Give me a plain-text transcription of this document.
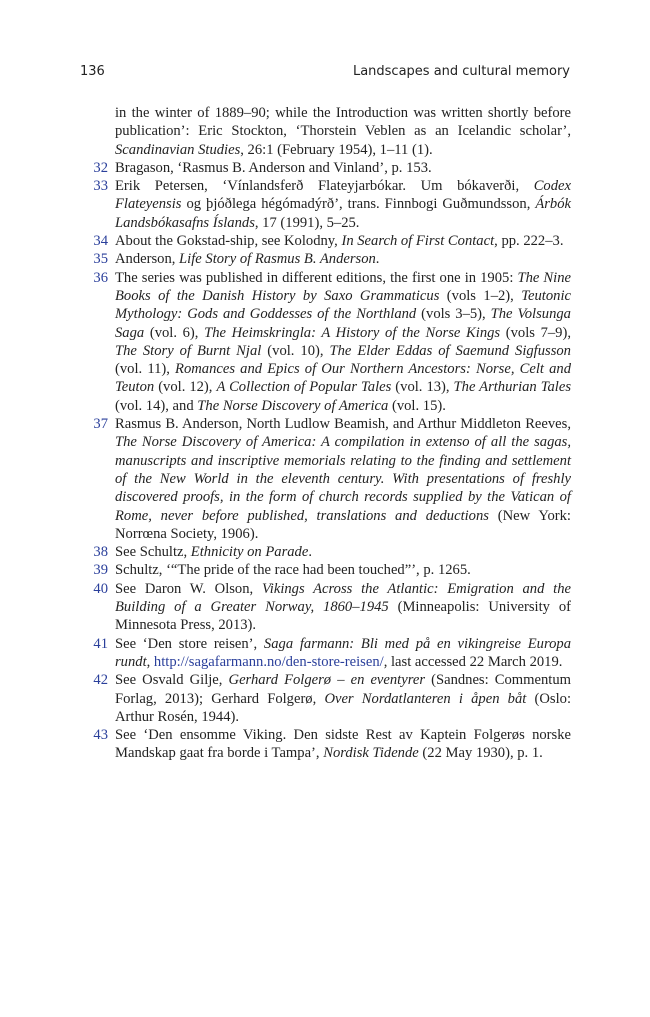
136	Landscapes and cultural memory
in the winter of 1889–90; while the Introduction was written shortly before publication’: Eric Stockton, ‘Thorstein Veblen as an Icelandic scholar’, Scandinavian Studies, 26:1 (February 1954), 1–11 (1).
32 Bragason, ‘Rasmus B. Anderson and Vinland’, p. 153.
33 Erik Petersen, ‘Vínlandsferð Flateyjarbókar. Um bókaverði, Codex Flateyensis og þjóðlega hégómadýrð’, trans. Finnbogi Guðmundsson, Árbók Landsbókasafns Íslands, 17 (1991), 5–25.
34 About the Gokstad-ship, see Kolodny, In Search of First Contact, pp. 222–3.
35 Anderson, Life Story of Rasmus B. Anderson.
36 The series was published in different editions, the first one in 1905: The Nine Books of the Danish History by Saxo Grammaticus (vols 1–2), Teutonic Mythology: Gods and Goddesses of the Northland (vols 3–5), The Volsunga Saga (vol. 6), The Heimskringla: A History of the Norse Kings (vols 7–9), The Story of Burnt Njal (vol. 10), The Elder Eddas of Saemund Sigfusson (vol. 11), Romances and Epics of Our Northern Ancestors: Norse, Celt and Teuton (vol. 12), A Collection of Popular Tales (vol. 13), The Arthurian Tales (vol. 14), and The Norse Discovery of America (vol. 15).
37 Rasmus B. Anderson, North Ludlow Beamish, and Arthur Middleton Reeves, The Norse Discovery of America: A compilation in extenso of all the sagas, manuscripts and inscriptive memorials relating to the finding and settlement of the New World in the eleventh century. With presentations of freshly discovered proofs, in the form of church records supplied by the Vatican of Rome, never before published, translations and deductions (New York: Norrœna Society, 1906).
38 See Schultz, Ethnicity on Parade.
39 Schultz, ‘“The pride of the race had been touched”’, p. 1265.
40 See Daron W. Olson, Vikings Across the Atlantic: Emigration and the Building of a Greater Norway, 1860–1945 (Minneapolis: University of Minnesota Press, 2013).
41 See ‘Den store reisen’, Saga farmann: Bli med på en vikingreise Europa rundt, http://sagafarmann.no/den-store-reisen/, last accessed 22 March 2019.
42 See Osvald Gilje, Gerhard Folgerø – en eventyrer (Sandnes: Commentum Forlag, 2013); Gerhard Folgerø, Over Nordatlanteren i åpen båt (Oslo: Arthur Rosén, 1944).
43 See ‘Den ensomme Viking. Den sidste Rest av Kaptein Folgerøs norske Mandskap gaat fra borde i Tampa’, Nordisk Tidende (22 May 1930), p. 1.
